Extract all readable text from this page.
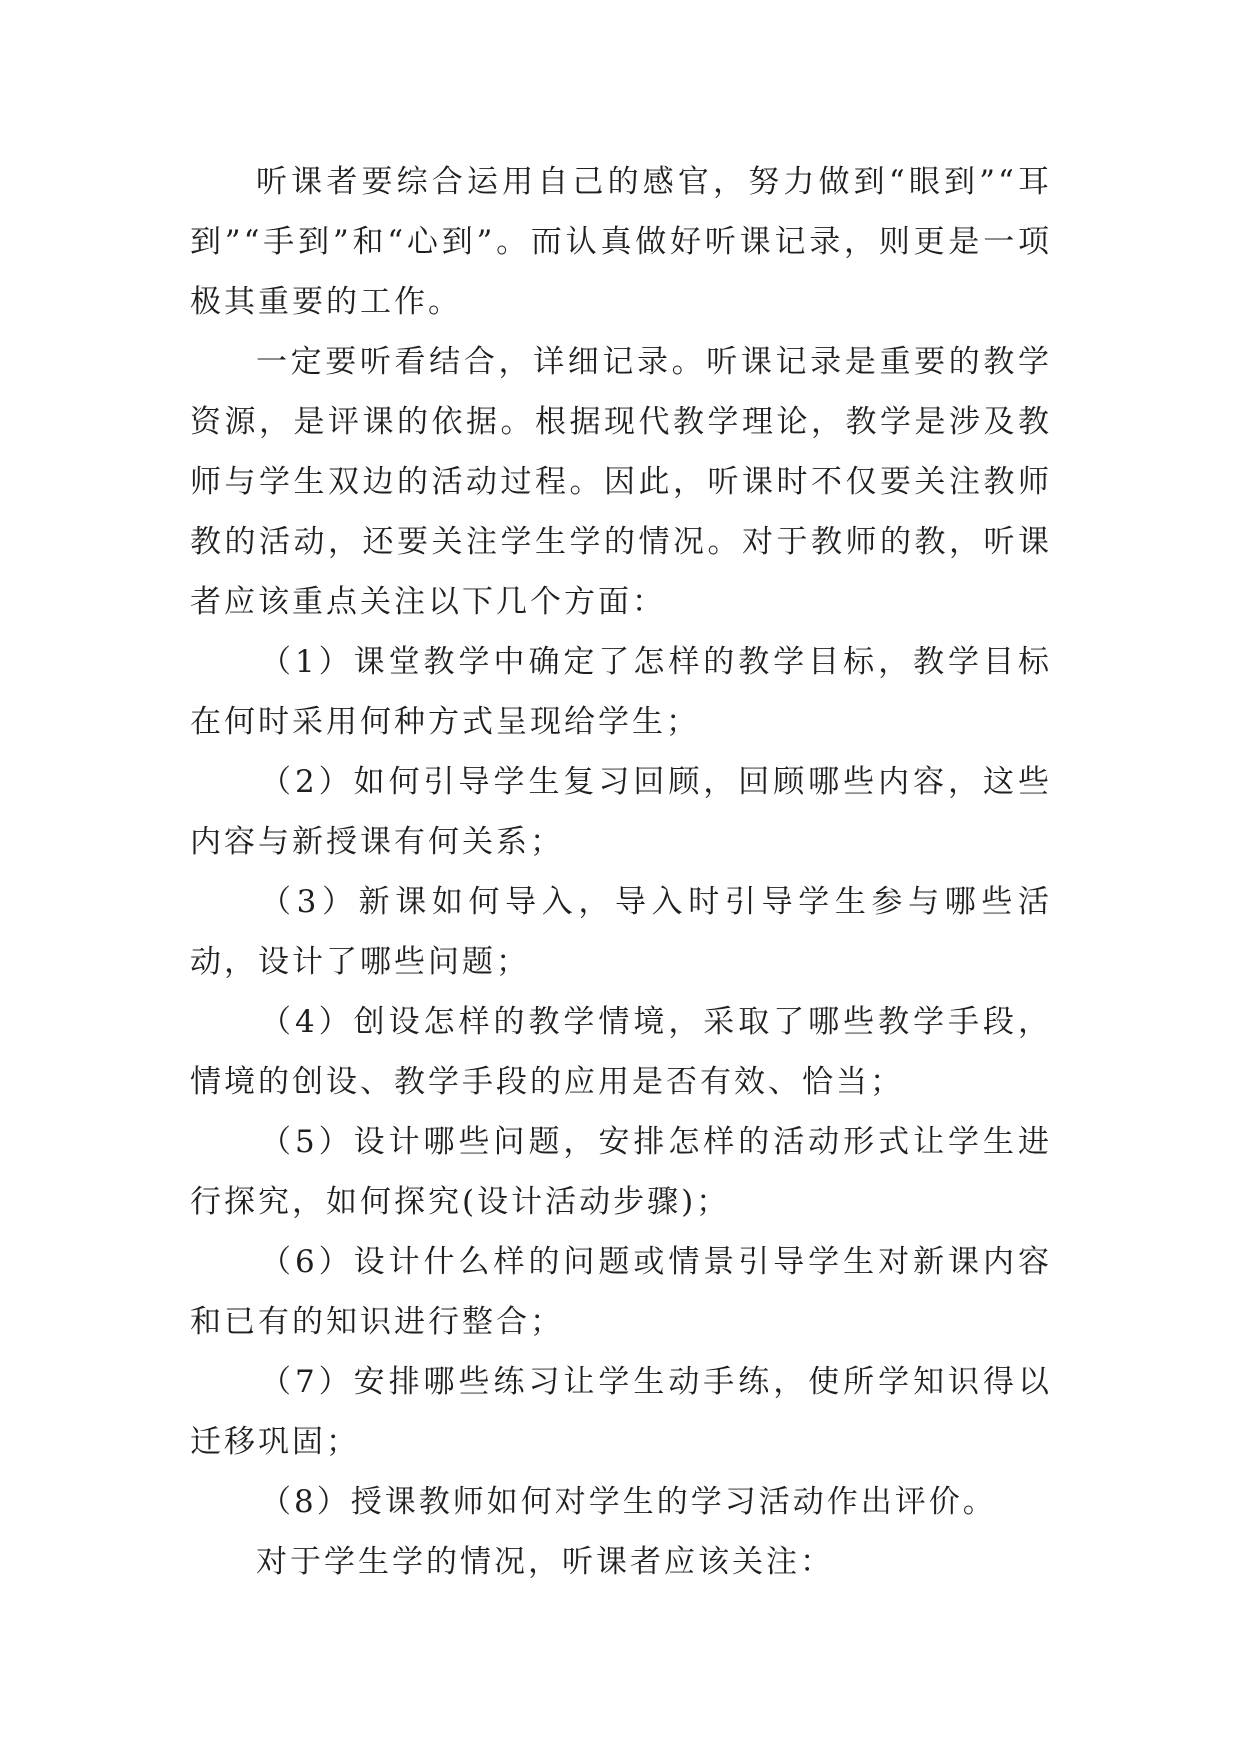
听课者要综合运用自己的感官，努力做到“眼到”“耳到”“手到”和“心到”。而认真做好听课记录，则更是一项极其重要的工作。

一定要听看结合，详细记录。听课记录是重要的教学资源，是评课的依据。根据现代教学理论，教学是涉及教师与学生双边的活动过程。因此，听课时不仅要关注教师教的活动，还要关注学生学的情况。对于教师的教，听课者应该重点关注以下几个方面：

（1）课堂教学中确定了怎样的教学目标，教学目标在何时采用何种方式呈现给学生；

（2）如何引导学生复习回顾，回顾哪些内容，这些内容与新授课有何关系；

（3）新课如何导入，导入时引导学生参与哪些活动，设计了哪些问题；

（4）创设怎样的教学情境，采取了哪些教学手段，情境的创设、教学手段的应用是否有效、恰当；

（5）设计哪些问题，安排怎样的活动形式让学生进行探究，如何探究(设计活动步骤)；

（6）设计什么样的问题或情景引导学生对新课内容和已有的知识进行整合；

（7）安排哪些练习让学生动手练，使所学知识得以迁移巩固；

（8）授课教师如何对学生的学习活动作出评价。

对于学生学的情况，听课者应该关注：
